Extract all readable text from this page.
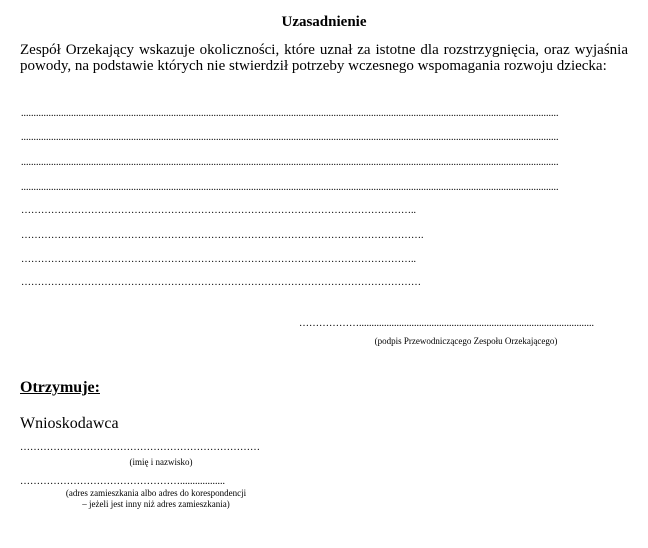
Uzasadnienie
Zespół Orzekający wskazuje okoliczności, które uznał za istotne dla rozstrzygnięcia, oraz wyjaśnia powody, na podstawie których nie stwierdził potrzeby wczesnego wspomagania rozwoju dziecka:
.......................................................................................................................................................................................................................
.......................................................................................................................................................................................................................
.......................................................................................................................................................................................................................
.......................................................................................................................................................................................................................
………………………………………………………………………………………………………..
………………………………………………………………………………………………………….
………………………………………………………………………………………………………..
…………………………………………………………………………………………………………
………………..............................................................................................
(podpis Przewodniczącego Zespołu Orzekającego)
Otrzymuje:
Wnioskodawca
………………………………………………………………
(imię i nazwisko)
…………………………………………..................
(adres zamieszkania albo adres do korespondencji
– jeżeli jest inny niż adres zamieszkania)
